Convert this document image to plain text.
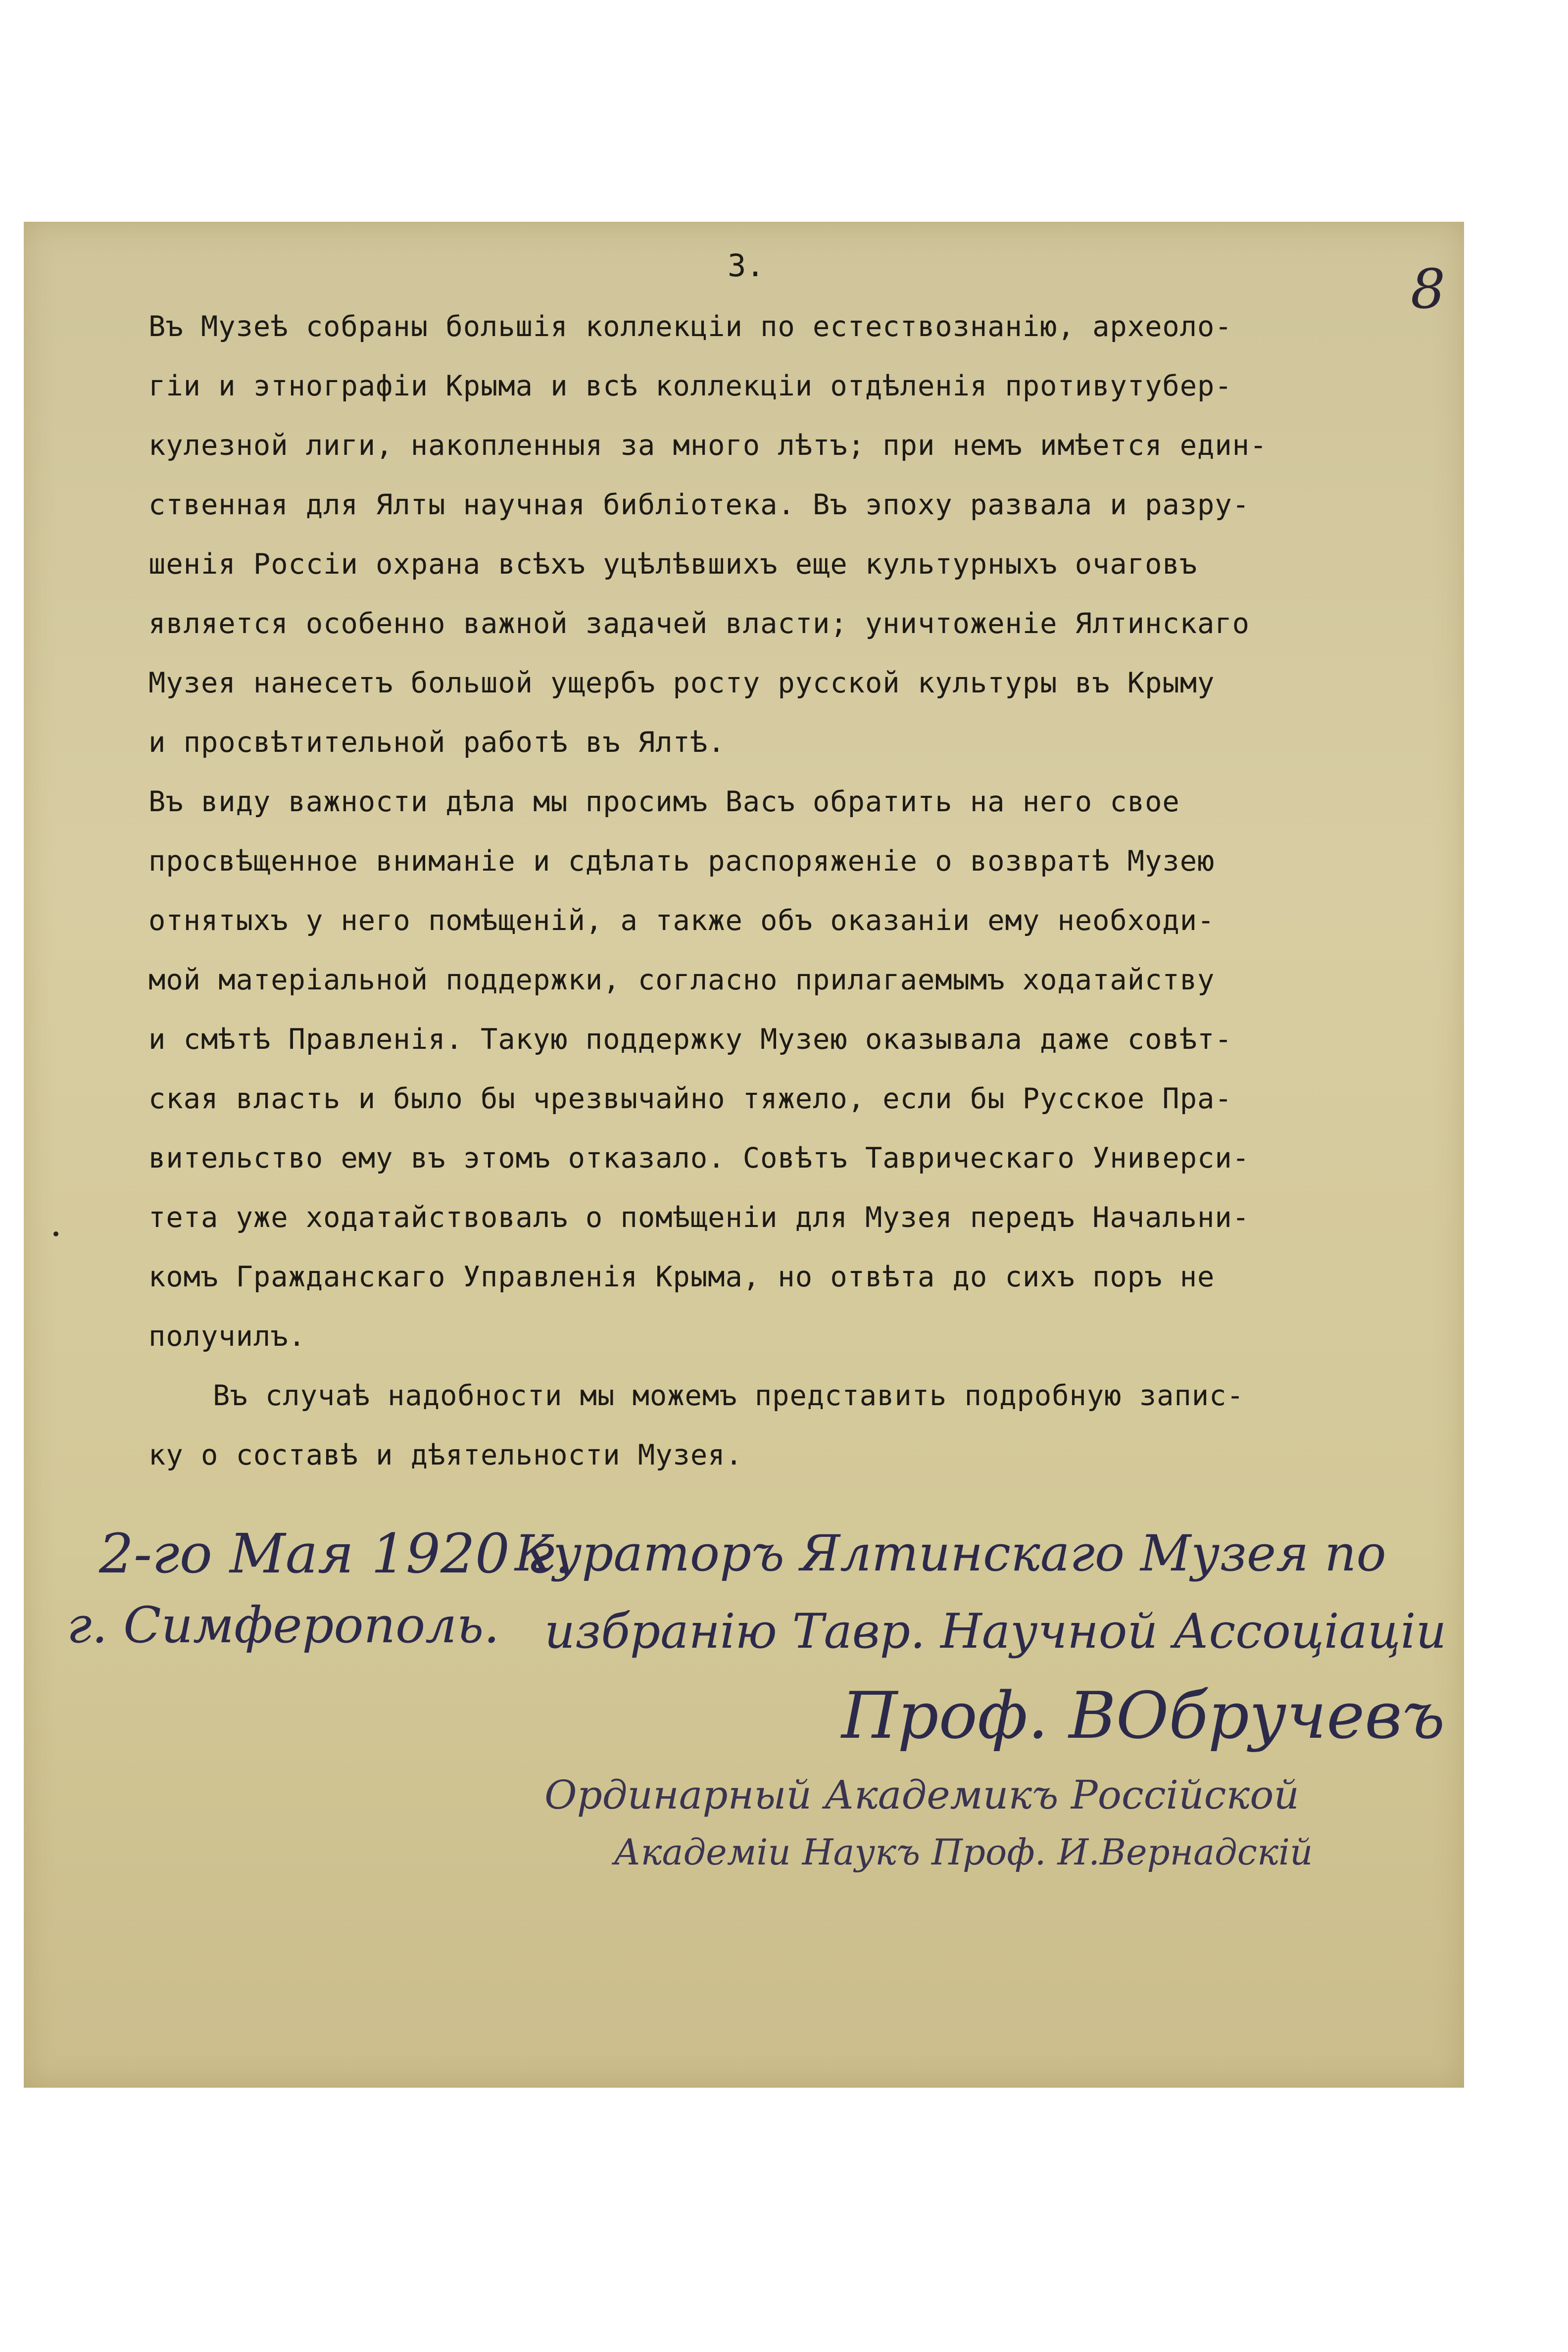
3.	8
Въ Музеѣ собраны большія коллекціи по естествознанію, археоло-
гіи и этнографіи Крыма и всѣ коллекціи отдѣленія противутубер-
кулезной лиги, накопленныя за много лѣтъ; при немъ имѣется един-
ственная для Ялты научная библіотека. Въ эпоху развала и разру-
шенія Россіи охрана всѣхъ уцѣлѣвшихъ еще культурныхъ очаговъ
является особенно важной задачей власти; уничтоженіе Ялтинскаго
Музея нанесетъ большой ущербъ росту русской культуры въ Крыму
и просвѣтительной работѣ въ Ялтѣ.
Въ виду важности дѣла мы просимъ Васъ обратить на него свое
просвѣщенное вниманіе и сдѣлать распоряженіе о возвратѣ Музею
отнятыхъ у него помѣщеній, а также объ оказаніи ему необходи-
мой матеріальной поддержки, согласно прилагаемымъ ходатайству
и смѣтѣ Правленія. Такую поддержку Музею оказывала даже совѣт-
ская власть и было бы чрезвычайно тяжело, если бы Русское Пра-
вительство ему въ этомъ отказало. Совѣтъ Таврическаго Универси-
тета уже ходатайствовалъ о помѣщеніи для Музея передъ Начальни-
комъ Гражданскаго Управленія Крыма, но отвѣта до сихъ поръ не
получилъ.
Въ случаѣ надобности мы можемъ представить подробную запис-
ку о составѣ и дѣятельности Музея.
2-го Мая 1920 г.
г. Симферополь.
Кураторъ Ялтинскаго Музея по
избранію Тавр. Научной Ассоціаціи
Проф. ВОбручевъ
Ординарный Академикъ Россійской
Академіи Наукъ Проф. И.Вернадскій
